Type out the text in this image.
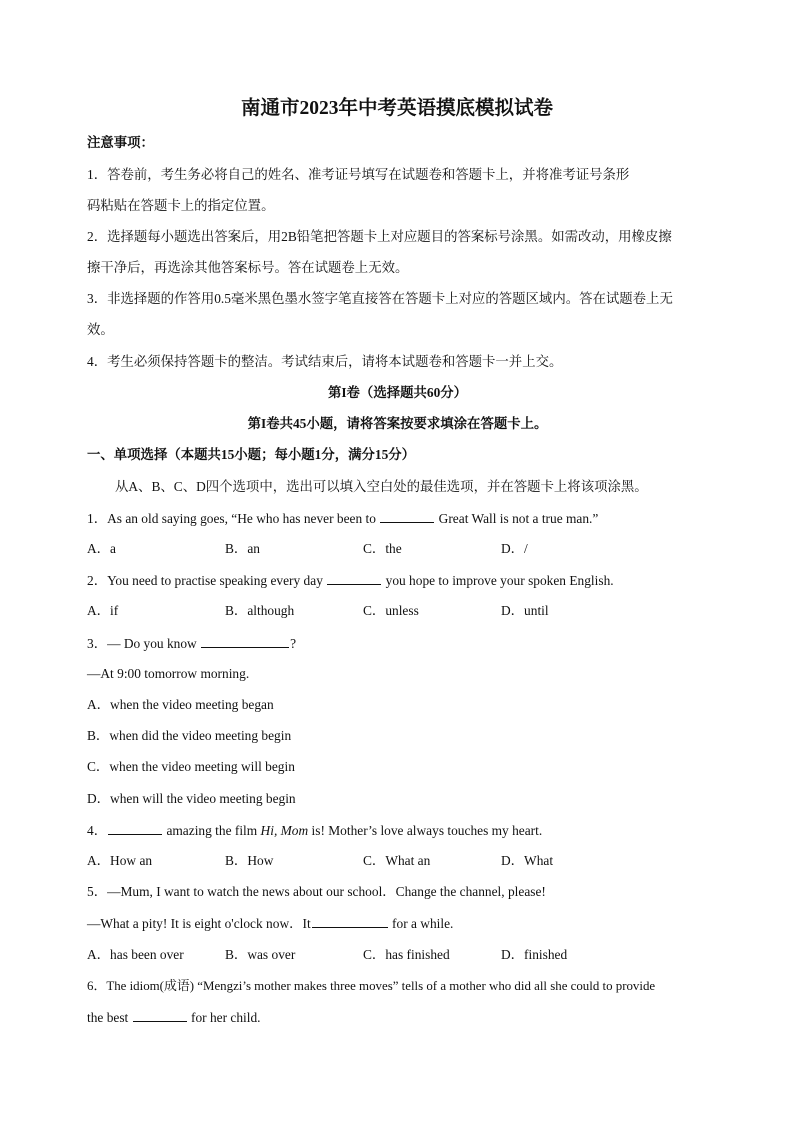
南通市2023年中考英语摸底模拟试卷
注意事项：
1．答卷前，考生务必将自己的姓名、准考证号填写在试题卷和答题卡上，并将准考证号条形
码粘贴在答题卡上的指定位置。
2．选择题每小题选出答案后，用2B铅笔把答题卡上对应题目的答案标号涂黑。如需改动，用橡皮擦
擦干净后，再选涂其他答案标号。答在试题卷上无效。
3．非选择题的作答用0.5毫米黑色墨水签字笔直接答在答题卡上对应的答题区域内。答在试题卷上无
效。
4．考生必须保持答题卡的整洁。考试结束后，请将本试题卷和答题卡一并上交。
第I卷（选择题共60分）
第I卷共45小题，请将答案按要求填涂在答题卡上。
一、单项选择（本题共15小题；每小题1分，满分15分）
从A、B、C、D四个选项中，选出可以填入空白处的最佳选项，并在答题卡上将该项涂黑。
1．As an old saying goes, “He who has never been to	Great Wall is not a true man.”
A．a	B．an	C．the	D．/
2．You need to practise speaking every day	you hope to improve your spoken English.
A．if	B．although	C．unless	D．until
3．— Do you know	?
—At 9:00 tomorrow morning.
A．when the video meeting began
B．when did the video meeting begin
C．when the video meeting will begin
D．when will the video meeting begin
4．	amazing the film Hi, Mom is! Mother’s love always touches my heart.
A．How an	B．How	C．What an	D．What
5．—Mum, I want to watch the news about our school．Change the channel, please!
—What a pity! It is eight o'clock now．It	for a while.
A．has been over	B．was over	C．has finished	D．finished
6．The idiom(成语) “Mengzi’s mother makes three moves” tells of a mother who did all she could to provide
the best	for her child.
